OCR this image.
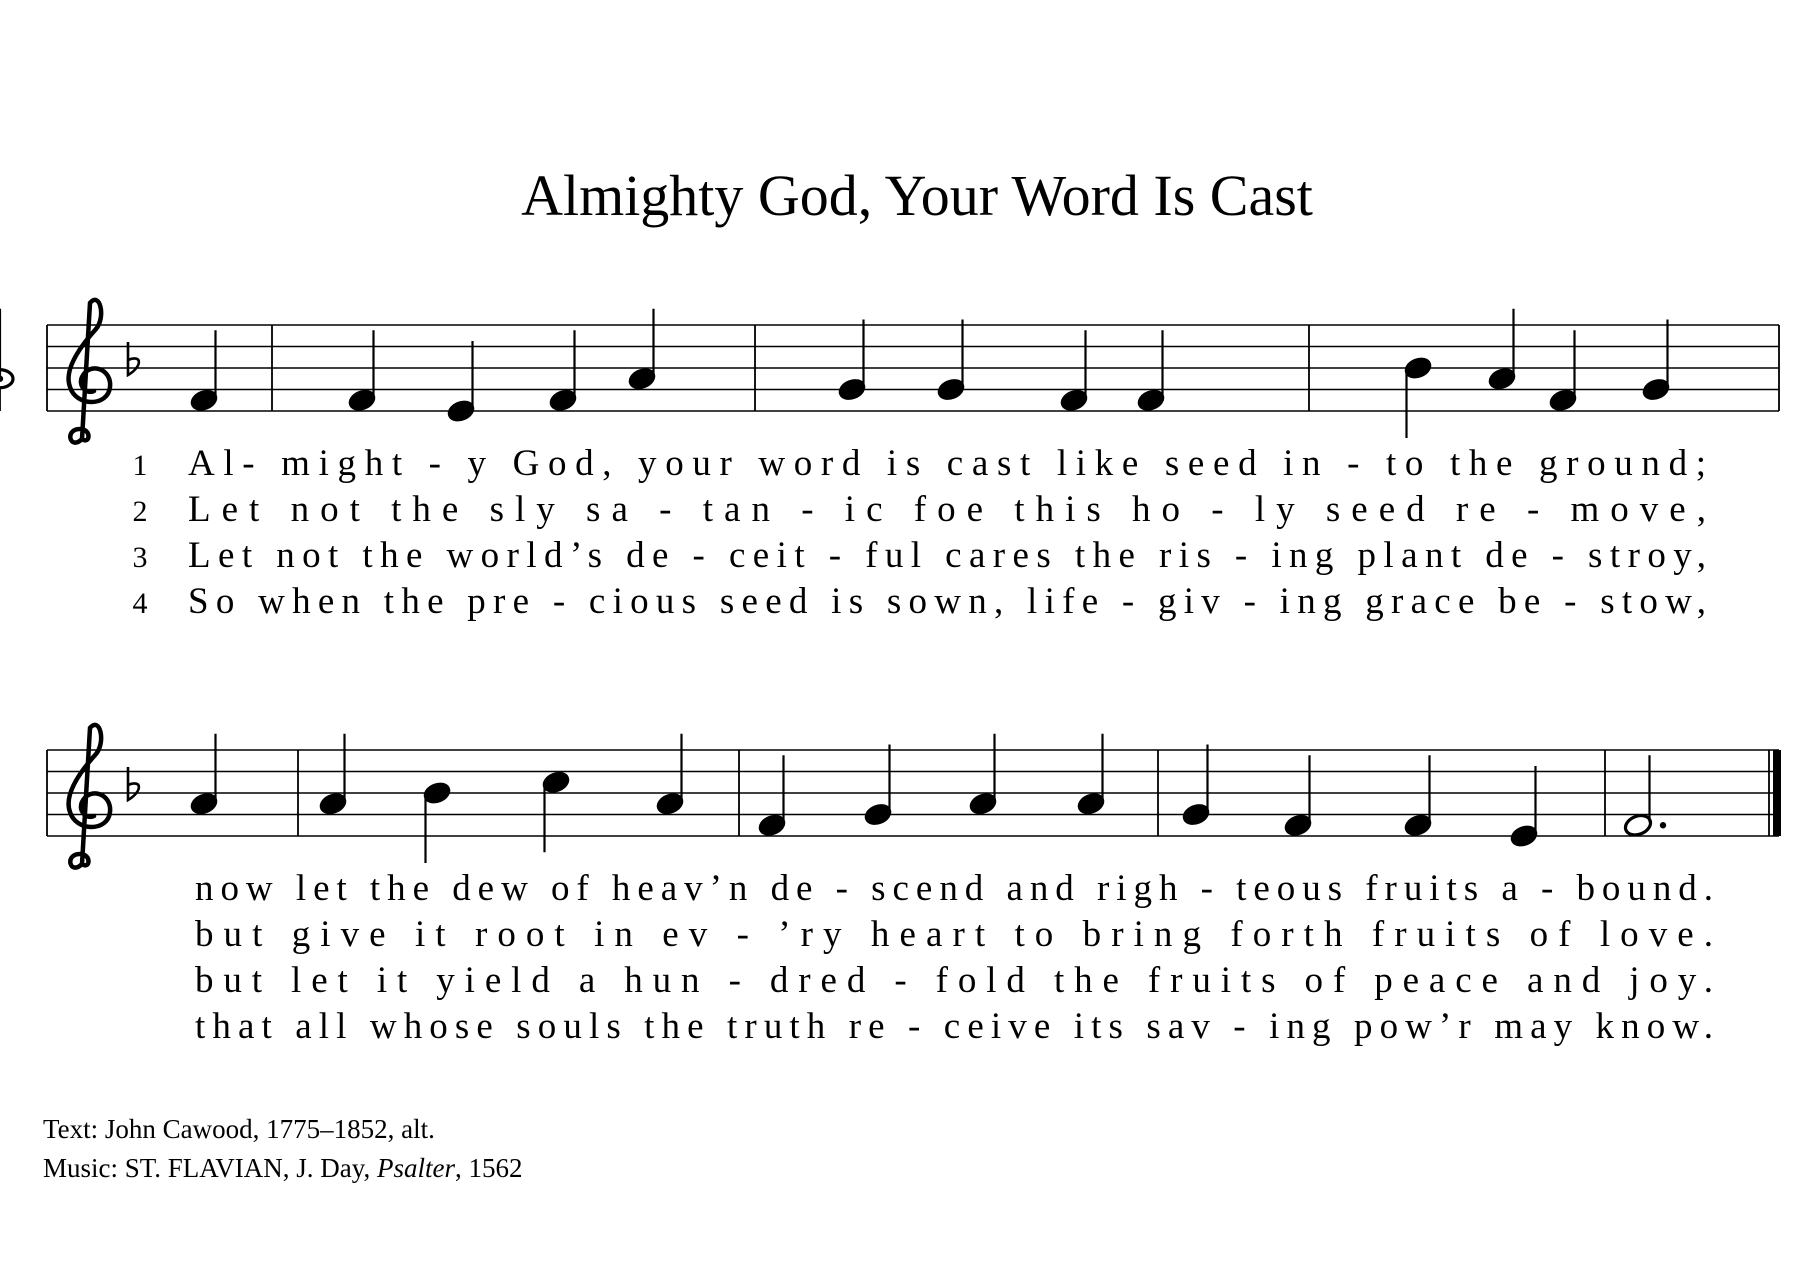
Almighty God, Your Word Is Cast
1 Al- might - y God, your word is cast like seed in - to the ground;
2 Let not the sly sa - tan - ic foe this ho - ly seed re - move,
3 Let not the world’s de - ceit - ful cares the ris - ing plant de - stroy,
4 So when the pre - cious seed is sown, life - giv - ing grace be - stow,
now let the dew of heav’n de - scend and righ - teous fruits a - bound.
but give it root in ev - ’ry heart to bring forth fruits of love.
but let it yield a hun - dred - fold the fruits of peace and joy.
that all whose souls the truth re - ceive its sav - ing pow’r may know.
Text: John Cawood, 1775–1852, alt.
Music: ST. FLAVIAN, J. Day, Psalter, 1562
